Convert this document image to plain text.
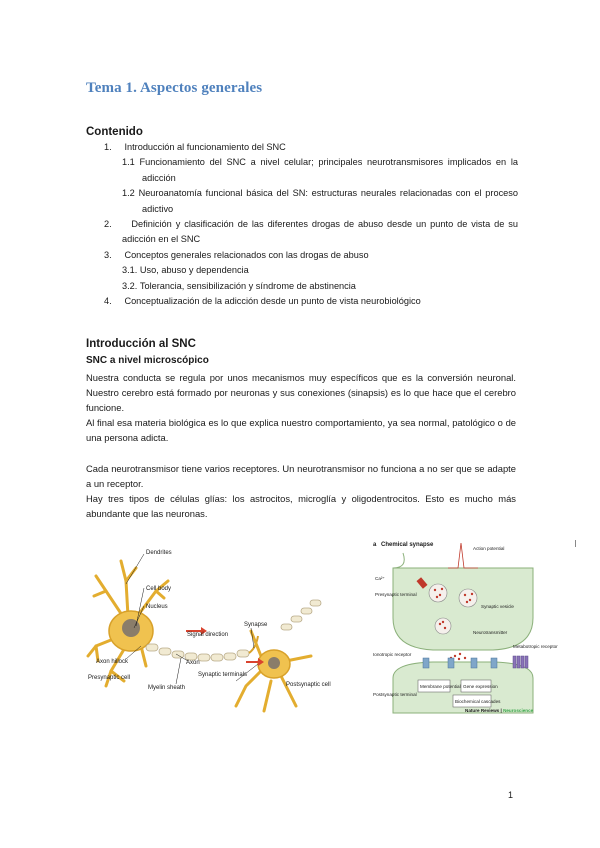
Tema 1. Aspectos generales
Contenido
1. Introducción al funcionamiento del SNC
1.1 Funcionamiento del SNC a nivel celular; principales neurotransmisores implicados en la adicción
1.2 Neuroanatomía funcional básica del SN: estructuras neurales relacionadas con el proceso adictivo
2. Definición y clasificación de las diferentes drogas de abuso desde un punto de vista de su adicción en el SNC
3. Conceptos generales relacionados con las drogas de abuso
3.1. Uso, abuso y dependencia
3.2. Tolerancia, sensibilización y síndrome de abstinencia
4. Conceptualización de la adicción desde un punto de vista neurobiológico
Introducción al SNC
SNC a nivel microscópico
Nuestra conducta se regula por unos mecanismos muy específicos que es la conversión neuronal. Nuestro cerebro está formado por neuronas y sus conexiones (sinapsis) es lo que hace que el cerebro funcione.
Al final esa materia biológica es lo que explica nuestro comportamiento, ya sea normal, patológico o de una persona adicta.
Cada neurotransmisor tiene varios receptores. Un neurotransmisor no funciona a no ser que se adapte a un receptor.
Hay tres tipos de células glías: los astrocitos, microglía y oligodentrocitos. Esto es mucho más abundante que las neuronas.
Dendrites
Cell body
Nucleus
Signal direction
Axon hillock	Axon
Presynaptic cell
Myelin sheath
Synapse
Synaptic terminals
Postsynaptic cell
a Chemical synapse
Action potential
Ca²⁺
Presynaptic terminal
Synaptic vesicle
Neurotransmitter
Ionotropic receptor
Metabotropic receptor
Membrane potential Gene expression
Biochemical cascades
Postsynaptic terminal
Nature Reviews | Neuroscience
1
